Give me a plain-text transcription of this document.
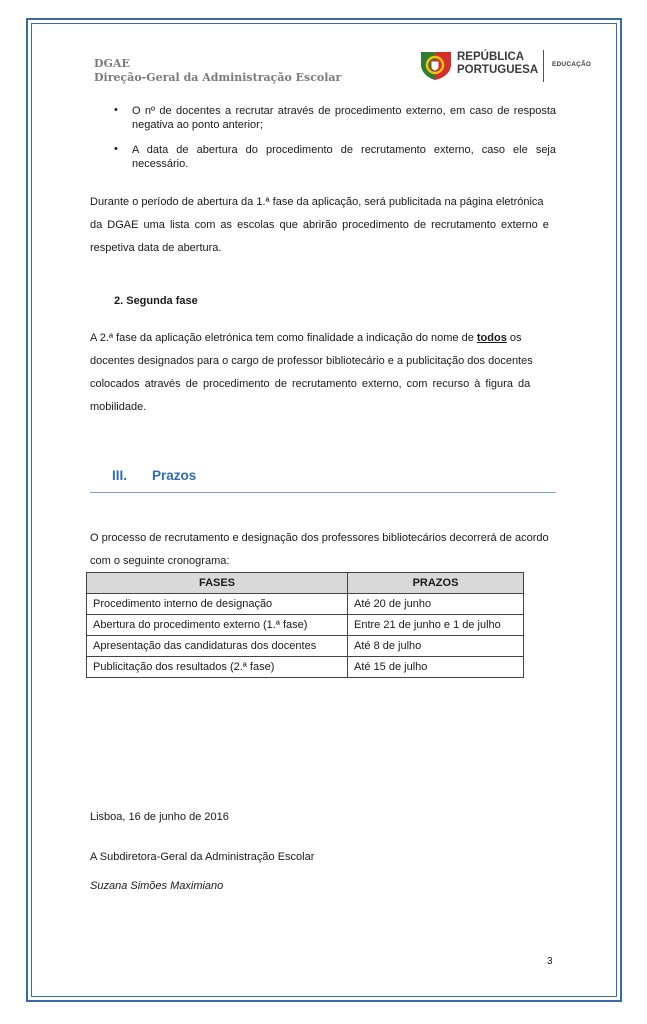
DGAE
Direção-Geral da Administração Escolar
REPÚBLICA
PORTUGUESA EDUCAÇÃO
• O nº de docentes a recrutar através de procedimento externo, em caso de resposta
negativa ao ponto anterior;
• A data de abertura do procedimento de recrutamento externo, caso ele seja
necessário.
Durante o período de abertura da 1.ª fase da aplicação, será publicitada na página eletrónica
da DGAE uma lista com as escolas que abrirão procedimento de recrutamento externo e
respetiva data de abertura.
2. Segunda fase
A 2.ª fase da aplicação eletrónica tem como finalidade a indicação do nome de todos os
docentes designados para o cargo de professor bibliotecário e a publicitação dos docentes
colocados através de procedimento de recrutamento externo, com recurso à figura da
mobilidade.
III. Prazos
O processo de recrutamento e designação dos professores bibliotecários decorrerá de acordo
com o seguinte cronograma:
FASES	PRAZOS
Procedimento interno de designação	Até 20 de junho
Abertura do procedimento externo (1.ª fase)	Entre 21 de junho e 1 de julho
Apresentação das candidaturas dos docentes	Até 8 de julho
Publicitação dos resultados (2.ª fase)	Até 15 de julho
Lisboa, 16 de junho de 2016
A Subdiretora-Geral da Administração Escolar
Suzana Simões Maximiano
3
